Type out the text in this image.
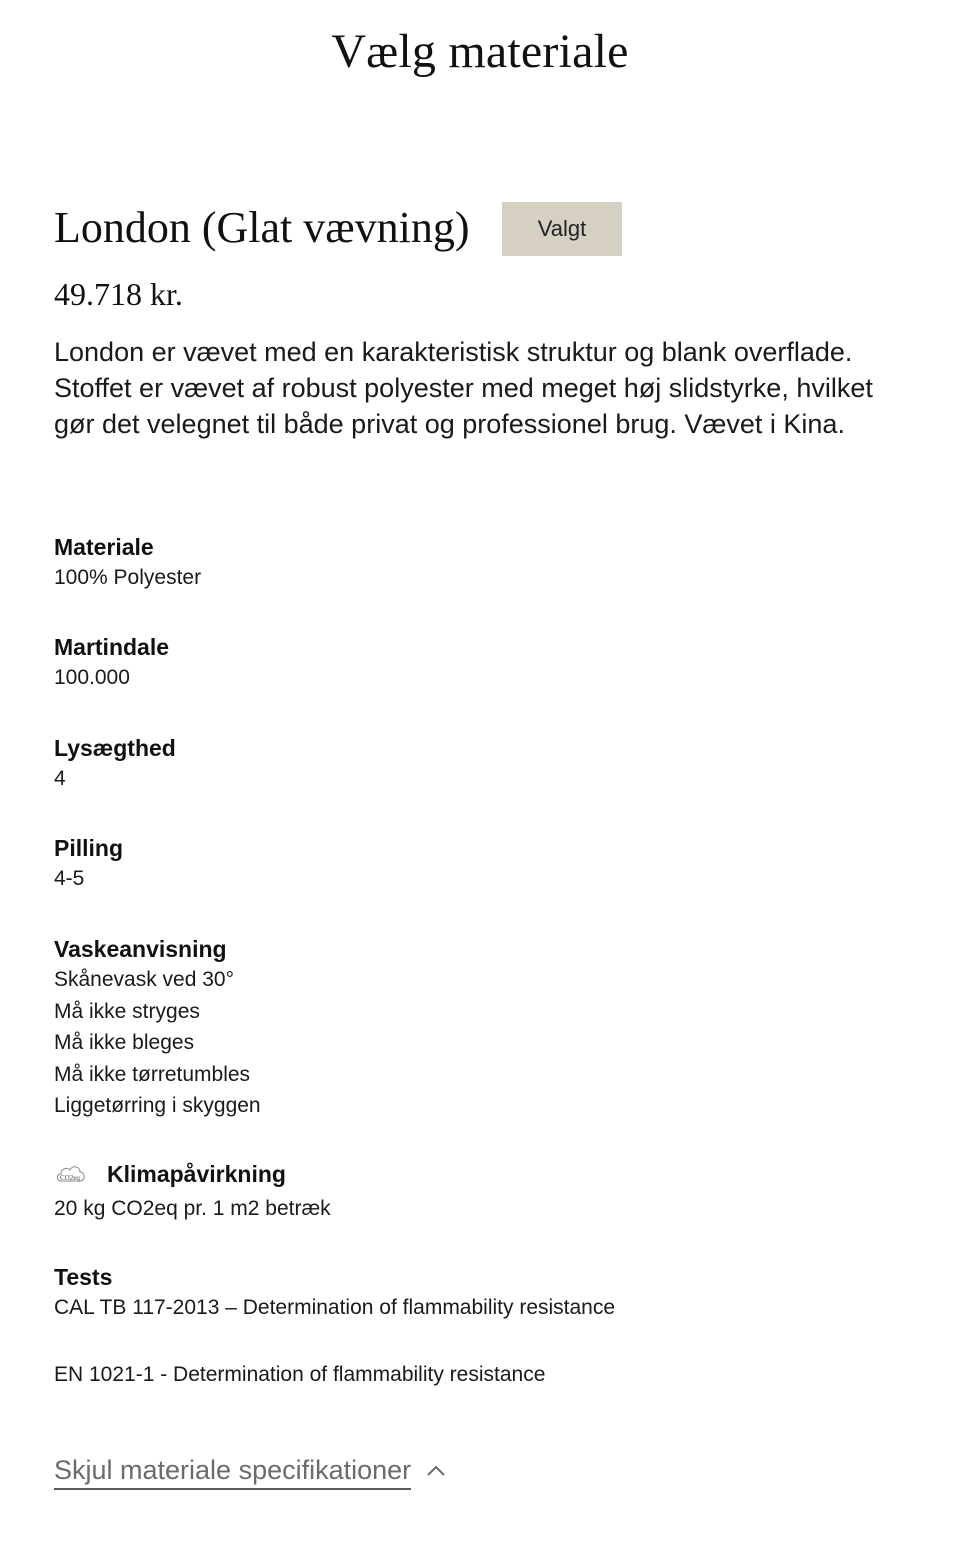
Vælg materiale
London (Glat vævning)	Valgt
49.718 kr.

London er vævet med en karakteristisk struktur og blank overflade. Stoffet er vævet af robust polyester med meget høj slidstyrke, hvilket gør det velegnet til både privat og professionel brug. Vævet i Kina.

Materiale

100% Polyester

Martindale

100.000

Lysægthed

4

Pilling

4-5

Vaskeanvisning

Skånevask ved 30°

Må ikke stryges

Må ikke bleges

Må ikke tørretumbles

Liggetørring i skyggen

CO2eq Klimapåvirkning

20 kg CO2eq pr. 1 m2 betræk

Tests

CAL TB 117-2013 – Determination of flammability resistance

EN 1021-1 - Determination of flammability resistance

Skjul materiale specifikationer
